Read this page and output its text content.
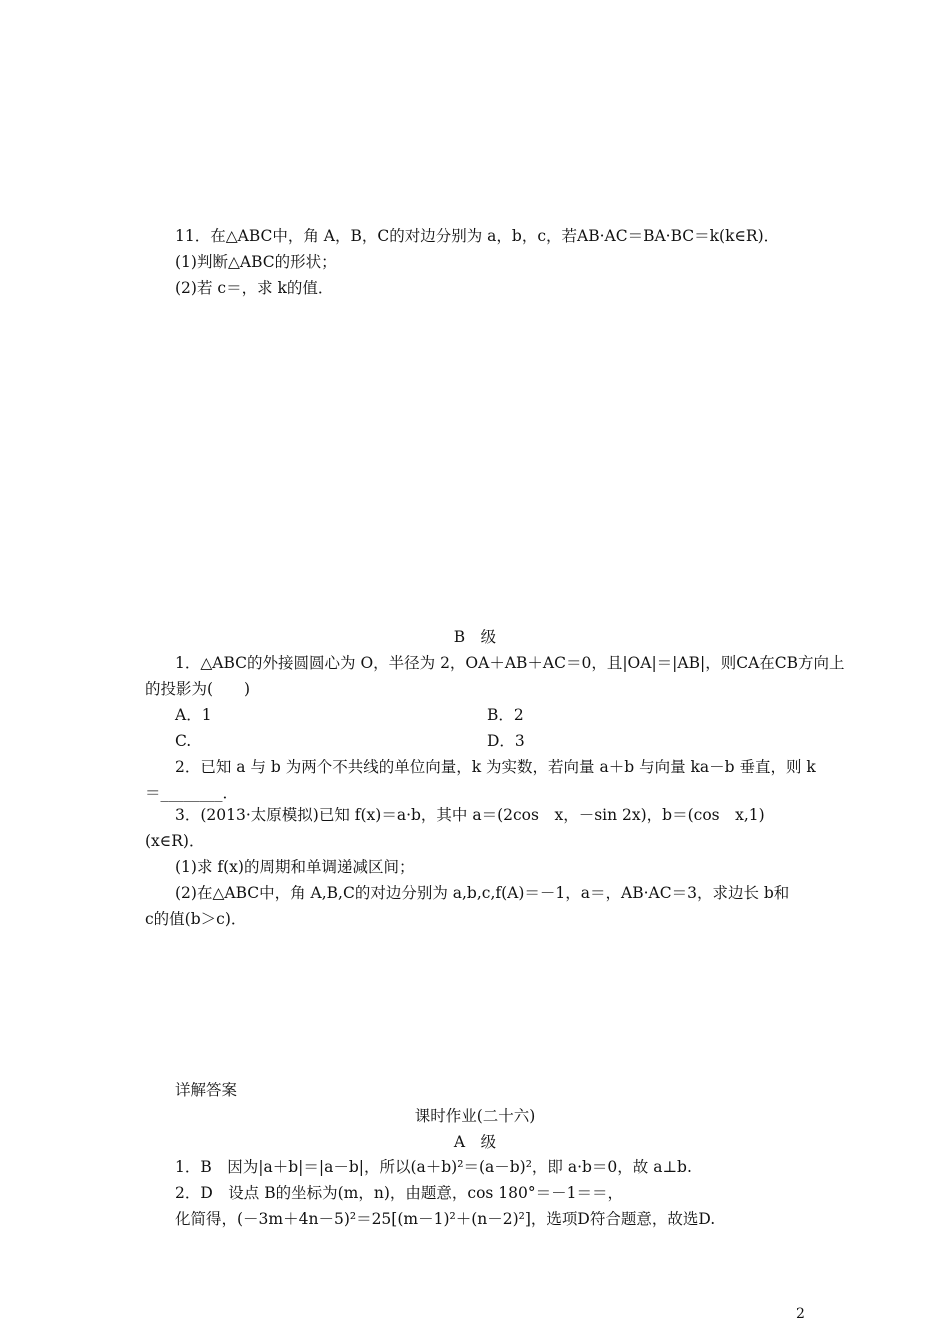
11．在△ABC中，角 A，B，C的对边分别为 a，b，c，若AB·AC＝BA·BC＝k(k∈R)．
(1)判断△ABC的形状；
(2)若 c＝，求 k的值．
B　级
1．△ABC的外接圆圆心为 O，半径为 2，OA＋AB＋AC＝0，且|OA|＝|AB|，则CA在CB方向上
的投影为(　　)
A．1	B．2
C.	D．3
2．已知 a 与 b 为两个不共线的单位向量，k 为实数，若向量 a＋b 与向量 ka－b 垂直，则 k
＝________．
3．(2013·太原模拟)已知 f(x)＝a·b，其中 a＝(2cos　x，－sin 2x)，b＝(cos　x,1)
(x∈R)．
(1)求 f(x)的周期和单调递减区间；
(2)在△ABC中，角 A,B,C的对边分别为 a,b,c,f(A)＝－1，a＝，AB·AC＝3，求边长 b和
c的值(b＞c)．
详解答案
课时作业(二十六)
A　级
1．B　因为|a＋b|＝|a－b|，所以(a＋b)²＝(a－b)²，即 a·b＝0，故 a⊥b.
2．D　设点 B的坐标为(m，n)，由题意，cos 180°＝－1＝＝，
化简得，(－3m＋4n－5)²＝25[(m－1)²＋(n－2)²]，选项D符合题意，故选D.
2
